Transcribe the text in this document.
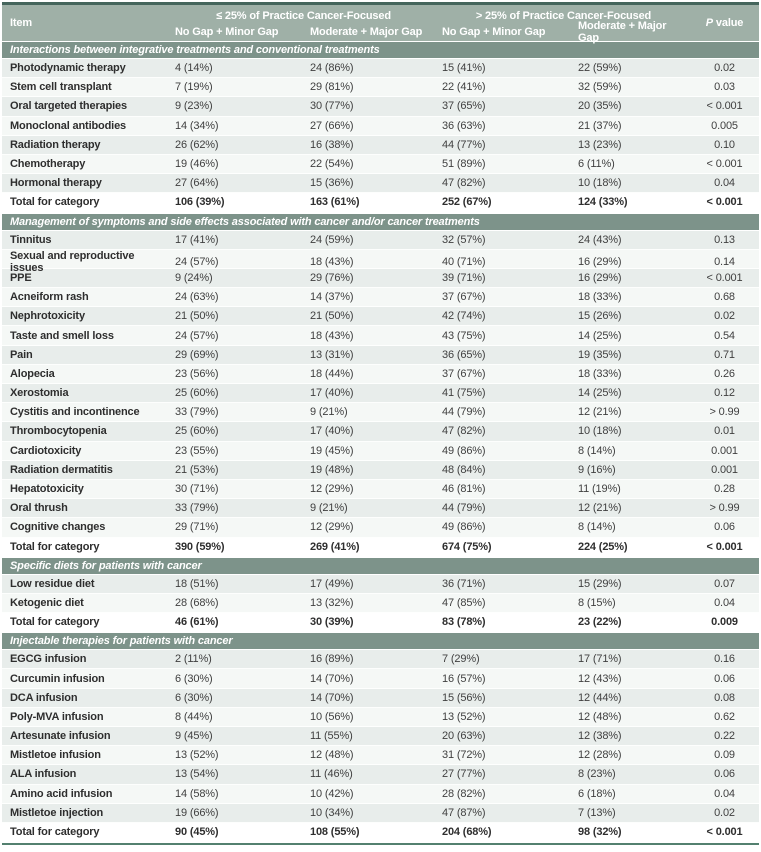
Item
≤ 25% of Practice Cancer-Focused	> 25% of Practice Cancer-Focused
No Gap + Minor Gap	Moderate + Major Gap	No Gap + Minor Gap	Moderate + Major Gap
P value
Interactions between integrative treatments and conventional treatments
Photodynamic therapy	4 (14%)	24 (86%)	15 (41%)	22 (59%)	0.02
Stem cell transplant	7 (19%)	29 (81%)	22 (41%)	32 (59%)	0.03
Oral targeted therapies	9 (23%)	30 (77%)	37 (65%)	20 (35%)	< 0.001
Monoclonal antibodies	14 (34%)	27 (66%)	36 (63%)	21 (37%)	0.005
Radiation therapy	26 (62%)	16 (38%)	44 (77%)	13 (23%)	0.10
Chemotherapy	19 (46%)	22 (54%)	51 (89%)	6 (11%)	< 0.001
Hormonal therapy	27 (64%)	15 (36%)	47 (82%)	10 (18%)	0.04
Total for category	106 (39%)	163 (61%)	252 (67%)	124 (33%)	< 0.001
Management of symptoms and side effects associated with cancer and/or cancer treatments
Tinnitus	17 (41%)	24 (59%)	32 (57%)	24 (43%)	0.13
Sexual and reproductive issues	24 (57%)	18 (43%)	40 (71%)	16 (29%)	0.14
PPE	9 (24%)	29 (76%)	39 (71%)	16 (29%)	< 0.001
Acneiform rash	24 (63%)	14 (37%)	37 (67%)	18 (33%)	0.68
Nephrotoxicity	21 (50%)	21 (50%)	42 (74%)	15 (26%)	0.02
Taste and smell loss	24 (57%)	18 (43%)	43 (75%)	14 (25%)	0.54
Pain	29 (69%)	13 (31%)	36 (65%)	19 (35%)	0.71
Alopecia	23 (56%)	18 (44%)	37 (67%)	18 (33%)	0.26
Xerostomia	25 (60%)	17 (40%)	41 (75%)	14 (25%)	0.12
Cystitis and incontinence	33 (79%)	9 (21%)	44 (79%)	12 (21%)	> 0.99
Thrombocytopenia	25 (60%)	17 (40%)	47 (82%)	10 (18%)	0.01
Cardiotoxicity	23 (55%)	19 (45%)	49 (86%)	8 (14%)	0.001
Radiation dermatitis	21 (53%)	19 (48%)	48 (84%)	9 (16%)	0.001
Hepatotoxicity	30 (71%)	12 (29%)	46 (81%)	11 (19%)	0.28
Oral thrush	33 (79%)	9 (21%)	44 (79%)	12 (21%)	> 0.99
Cognitive changes	29 (71%)	12 (29%)	49 (86%)	8 (14%)	0.06
Total for category	390 (59%)	269 (41%)	674 (75%)	224 (25%)	< 0.001
Specific diets for patients with cancer
Low residue diet	18 (51%)	17 (49%)	36 (71%)	15 (29%)	0.07
Ketogenic diet	28 (68%)	13 (32%)	47 (85%)	8 (15%)	0.04
Total for category	46 (61%)	30 (39%)	83 (78%)	23 (22%)	0.009
Injectable therapies for patients with cancer
EGCG infusion	2 (11%)	16 (89%)	7 (29%)	17 (71%)	0.16
Curcumin infusion	6 (30%)	14 (70%)	16 (57%)	12 (43%)	0.06
DCA infusion	6 (30%)	14 (70%)	15 (56%)	12 (44%)	0.08
Poly-MVA infusion	8 (44%)	10 (56%)	13 (52%)	12 (48%)	0.62
Artesunate infusion	9 (45%)	11 (55%)	20 (63%)	12 (38%)	0.22
Mistletoe infusion	13 (52%)	12 (48%)	31 (72%)	12 (28%)	0.09
ALA infusion	13 (54%)	11 (46%)	27 (77%)	8 (23%)	0.06
Amino acid infusion	14 (58%)	10 (42%)	28 (82%)	6 (18%)	0.04
Mistletoe injection	19 (66%)	10 (34%)	47 (87%)	7 (13%)	0.02
Total for category	90 (45%)	108 (55%)	204 (68%)	98 (32%)	< 0.001
